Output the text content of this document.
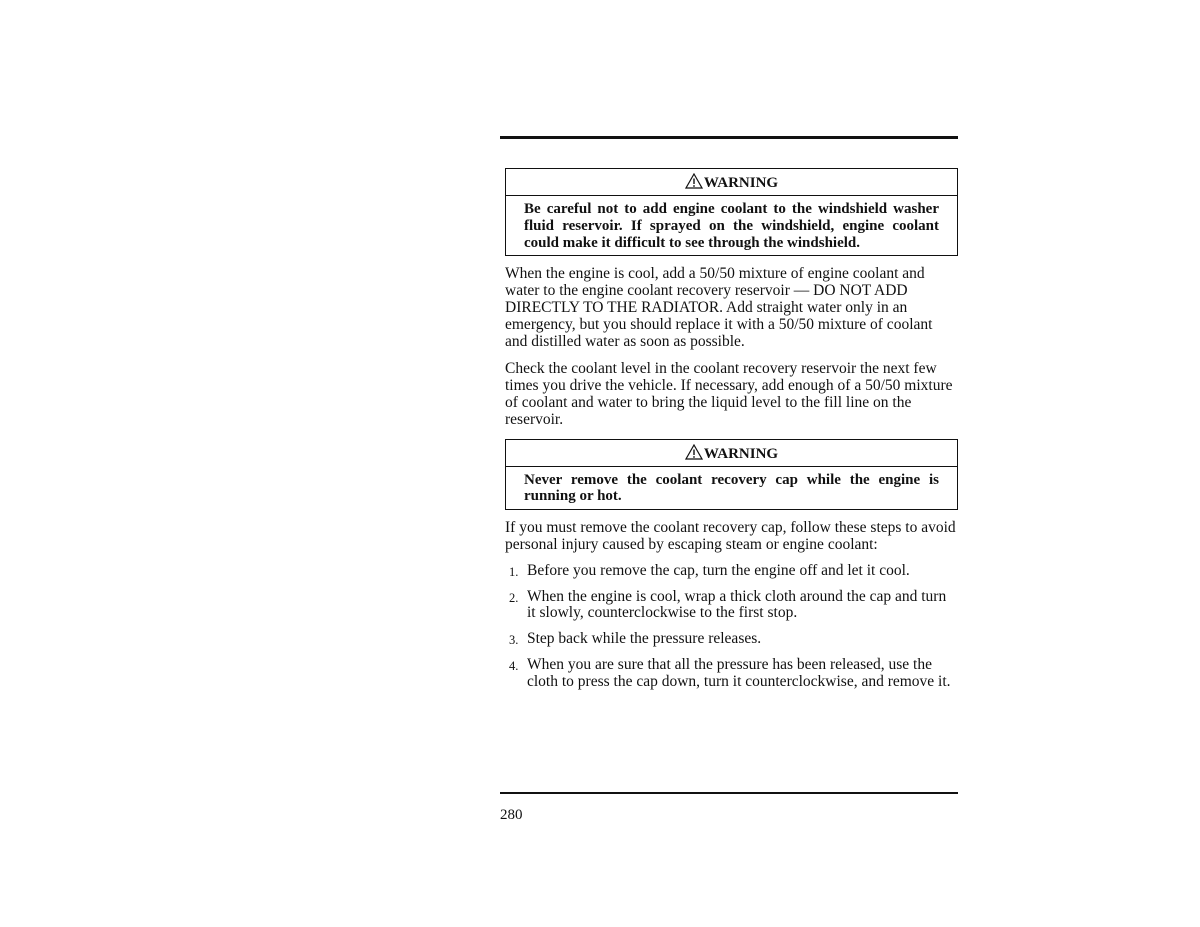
WARNING
Be careful not to add engine coolant to the windshield washer fluid reservoir. If sprayed on the windshield, engine coolant could make it difficult to see through the windshield.

When the engine is cool, add a 50/50 mixture of engine coolant and water to the engine coolant recovery reservoir — DO NOT ADD DIRECTLY TO THE RADIATOR. Add straight water only in an emergency, but you should replace it with a 50/50 mixture of coolant and distilled water as soon as possible.

Check the coolant level in the coolant recovery reservoir the next few times you drive the vehicle. If necessary, add enough of a 50/50 mixture of coolant and water to bring the liquid level to the fill line on the reservoir.

WARNING
Never remove the coolant recovery cap while the engine is running or hot.

If you must remove the coolant recovery cap, follow these steps to avoid personal injury caused by escaping steam or engine coolant:

1. Before you remove the cap, turn the engine off and let it cool.
2. When the engine is cool, wrap a thick cloth around the cap and turn it slowly, counterclockwise to the first stop.
3. Step back while the pressure releases.
4. When you are sure that all the pressure has been released, use the cloth to press the cap down, turn it counterclockwise, and remove it.
280
